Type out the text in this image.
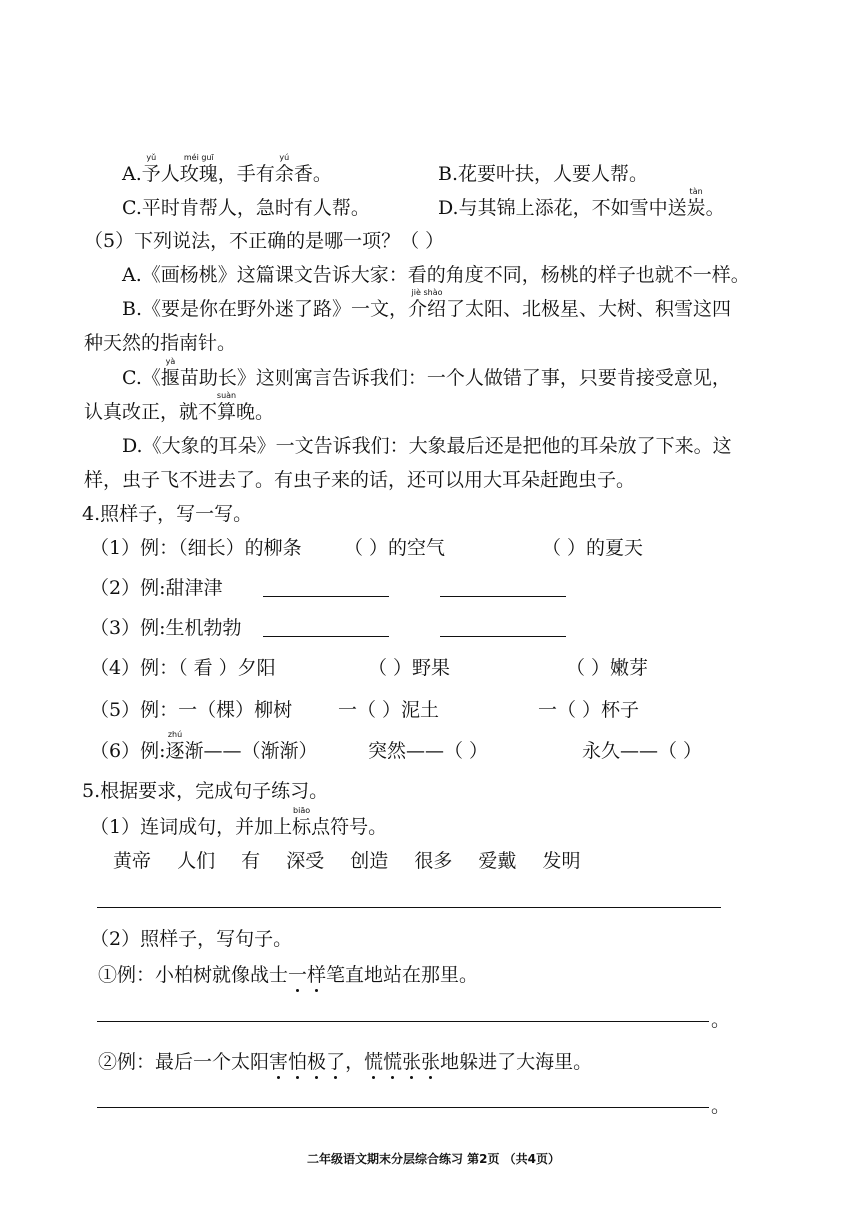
A.予人
yǔ
玫瑰
méi guī
，手有余
yú
香。	B.花要叶扶，人要人帮。
C.平时肯帮人，急时有人帮。	D.与其锦上添花，不如雪中送炭
tàn
。
（5）下列说法，不正确的是哪一项？（ ）
A.《画杨桃》这篇课文告诉大家：看的角度不同，杨桃的样子也就不一样。
B.《要是你在野外迷了路》一文，介绍
jiè shào
了太阳、北极星、大树、积雪这四
种天然的指南针。
C.《揠
yà
苗助长》这则寓言告诉我们：一个人做错了事，只要肯接受意见，
认真改正，就不算
suàn
晚。
D.《大象的耳朵》一文告诉我们：大象最后还是把他的耳朵放了下来。这
样，虫子飞不进去了。有虫子来的话，还可以用大耳朵赶跑虫子。
4.照样子，写一写。
（1）例：（细长）的柳条 （ ）的空气	（ ）的夏天
（2）例:甜津津
（3）例:生机勃勃
（4）例：（ 看 ）夕阳	（ ）野果	（ ）嫩芽
（5）例：一（棵）柳树 一（ ）泥土	一（ ）杯子
（6）例:逐
zhú
渐——（渐渐）	突然——（ ）	永久——（ ）
5.根据要求，完成句子练习。
（1）连词成句，并加上标
biāo
点符号。
黄帝 人们 有 深受 创造 很多 爱戴 发明
（2）照样子，写句子。
①例：小柏树就像战士一样笔直地站在那里。
。
②例：最后一个太阳害怕极了，慌慌张张地躲进了大海里。
。
二年级语文期末分层综合练习 第2页 （共4页）
